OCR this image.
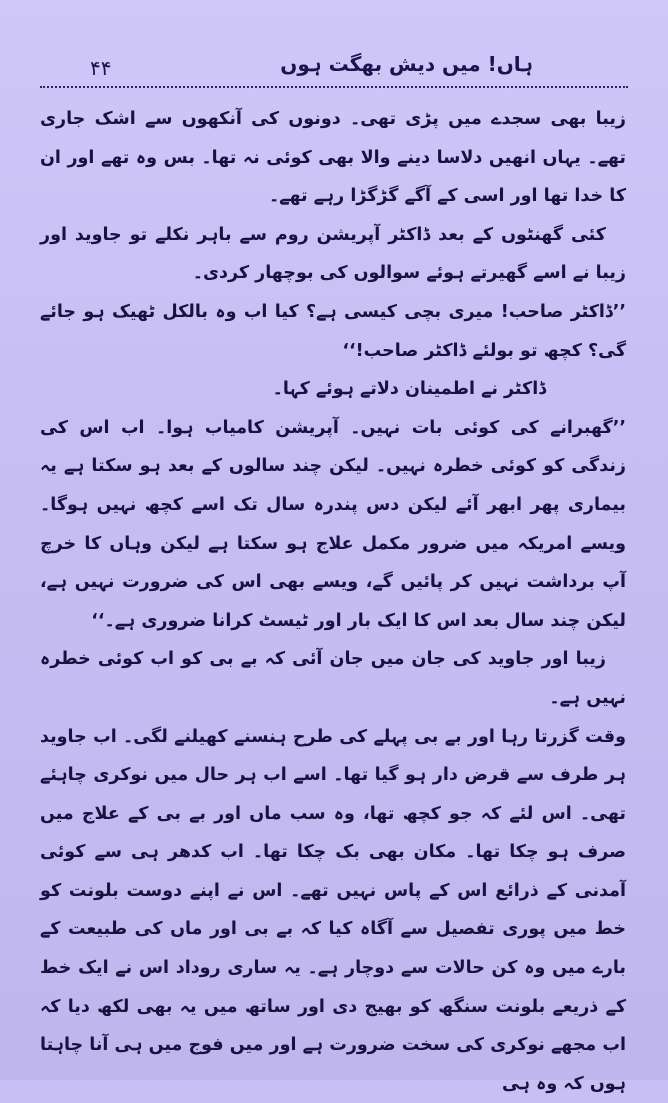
۴۴	ہاں! میں دیش بھگت ہوں

زیبا بھی سجدے میں پڑی تھی۔ دونوں کی آنکھوں سے اشک جاری تھے۔ یہاں انھیں دلاسا دینے والا بھی کوئی نہ تھا۔ بس وہ تھے اور ان کا خدا تھا اور اسی کے آگے گڑگڑا رہے تھے۔

کئی گھنٹوں کے بعد ڈاکٹر آپریشن روم سے باہر نکلے تو جاوید اور زیبا نے اسے گھیرتے ہوئے سوالوں کی بوچھار کردی۔

’’ڈاکٹر صاحب! میری بچی کیسی ہے؟ کیا اب وہ بالکل ٹھیک ہو جائے گی؟ کچھ تو بولئے ڈاکٹر صاحب!‘‘

ڈاکٹر نے اطمینان دلاتے ہوئے کہا۔

’’گھبرانے کی کوئی بات نہیں۔ آپریشن کامیاب ہوا۔ اب اس کی زندگی کو کوئی خطرہ نہیں۔ لیکن چند سالوں کے بعد ہو سکتا ہے یہ بیماری پھر ابھر آئے لیکن دس پندرہ سال تک اسے کچھ نہیں ہوگا۔ ویسے امریکہ میں ضرور مکمل علاج ہو سکتا ہے لیکن وہاں کا خرچ آپ برداشت نہیں کر پائیں گے، ویسے بھی اس کی ضرورت نہیں ہے، لیکن چند سال بعد اس کا ایک بار اور ٹیسٹ کرانا ضروری ہے۔‘‘

زیبا اور جاوید کی جان میں جان آئی کہ بے بی کو اب کوئی خطرہ نہیں ہے۔

وقت گزرتا رہا اور بے بی پہلے کی طرح ہنسنے کھیلنے لگی۔ اب جاوید ہر طرف سے قرض دار ہو گیا تھا۔ اسے اب ہر حال میں نوکری چاہئے تھی۔ اس لئے کہ جو کچھ تھا، وہ سب ماں اور بے بی کے علاج میں صرف ہو چکا تھا۔ مکان بھی بک چکا تھا۔ اب کدھر ہی سے کوئی آمدنی کے ذرائع اس کے پاس نہیں تھے۔ اس نے اپنے دوست بلونت کو خط میں پوری تفصیل سے آگاہ کیا کہ بے بی اور ماں کی طبیعت کے بارے میں وہ کن حالات سے دوچار ہے۔ یہ ساری روداد اس نے ایک خط کے ذریعے بلونت سنگھ کو بھیج دی اور ساتھ میں یہ بھی لکھ دیا کہ اب مجھے نوکری کی سخت ضرورت ہے اور میں فوج میں ہی آنا چاہتا ہوں کہ وہ ہی
